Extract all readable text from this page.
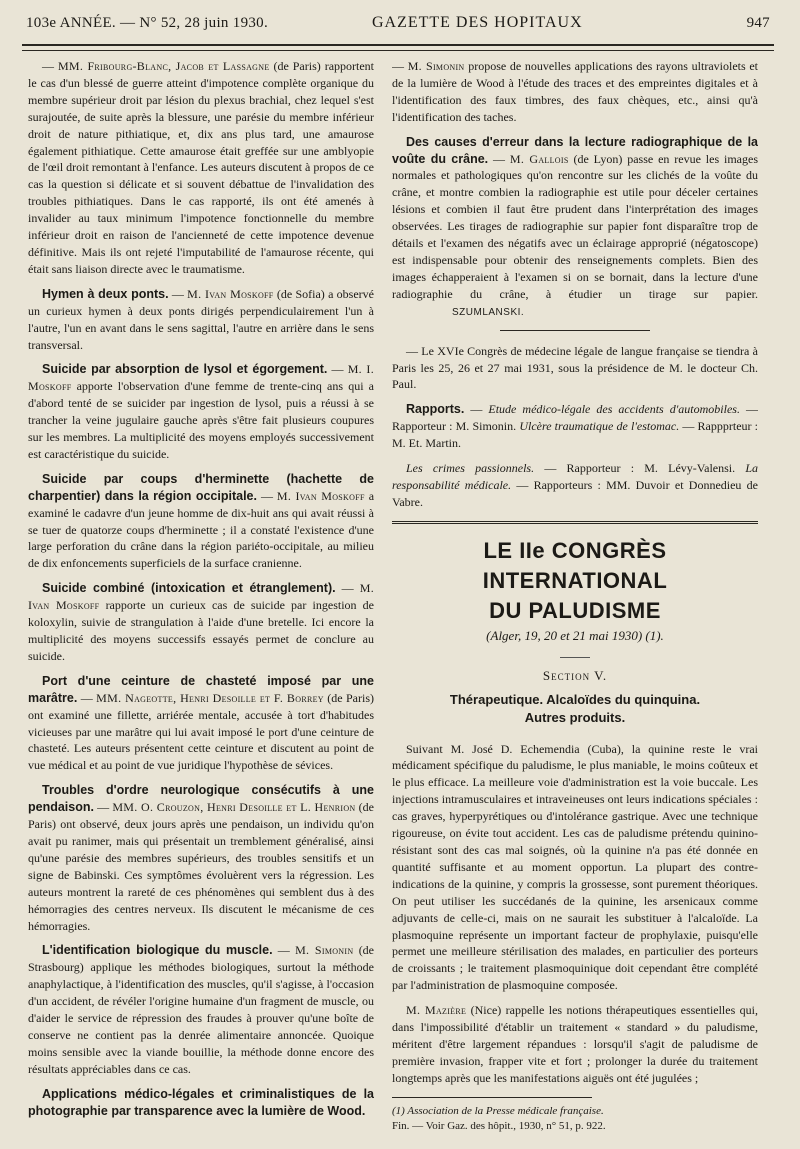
103e ANNÉE. — N° 52, 28 juin 1930.	GAZETTE DES HOPITAUX	947

— MM. Fribourg-Blanc, Jacob et Lassagne (de Paris) rapportent le cas d'un blessé de guerre atteint d'impotence complète organique du membre supérieur droit par lésion du plexus brachial, chez lequel s'est surajoutée, de suite après la blessure, une parésie du membre inférieur droit de nature pithiatique, et, dix ans plus tard, une amaurose également pithiatique. Cette amaurose était greffée sur une amblyopie de l'œil droit remontant à l'enfance. Les auteurs discutent à propos de ce cas la question si délicate et si souvent débattue de l'invalidation des troubles pithiatiques. Dans le cas rapporté, ils ont été amenés à invalider au taux minimum l'impotence fonctionnelle du membre inférieur droit en raison de l'ancienneté de cette impotence devenue définitive. Mais ils ont rejeté l'imputabilité de l'amaurose récente, qui était sans liaison directe avec le traumatisme.

Hymen à deux ponts. — M. Ivan Moskoff (de Sofia) a observé un curieux hymen à deux ponts dirigés perpendiculairement l'un à l'autre, l'un en avant dans le sens sagittal, l'autre en arrière dans le sens transversal.

Suicide par absorption de lysol et égorgement. — M. I. Moskoff apporte l'observation d'une femme de trente-cinq ans qui a d'abord tenté de se suicider par ingestion de lysol, puis a réussi à se trancher la veine jugulaire gauche après s'être fait plusieurs coupures sur les membres. La multiplicité des moyens employés successivement est caractéristique du suicide.

Suicide par coups d'herminette (hachette de charpentier) dans la région occipitale. — M. Ivan Moskoff a examiné le cadavre d'un jeune homme de dix-huit ans qui avait réussi à se tuer de quatorze coups d'herminette ; il a constaté l'existence d'une large perforation du crâne dans la région pariéto-occipitale, au milieu de dix enfoncements superficiels de la surface cranienne.

Suicide combiné (intoxication et étranglement). — M. Ivan Moskoff rapporte un curieux cas de suicide par ingestion de koloxylin, suivie de strangulation à l'aide d'une bretelle. Ici encore la multiplicité des moyens successifs essayés permet de conclure au suicide.

Port d'une ceinture de chasteté imposé par une marâtre. — MM. Nageotte, Henri Desoille et F. Borrey (de Paris) ont examiné une fillette, arriérée mentale, accusée à tort d'habitudes vicieuses par une marâtre qui lui avait imposé le port d'une ceinture de chasteté. Les auteurs présentent cette ceinture et discutent au point de vue médical et au point de vue juridique l'hypothèse de sévices.

Troubles d'ordre neurologique consécutifs à une pendaison. — MM. O. Crouzon, Henri Desoille et L. Henrion (de Paris) ont observé, deux jours après une pendaison, un individu qu'on avait pu ranimer, mais qui présentait un tremblement généralisé, ainsi qu'une parésie des membres supérieurs, des troubles sensitifs et un signe de Babinski. Ces symptômes évoluèrent vers la régression. Les auteurs montrent la rareté de ces phénomènes qui semblent dus à des hémorragies des centres nerveux. Ils discutent le mécanisme de ces hémorragies.

L'identification biologique du muscle. — M. Simonin (de Strasbourg) applique les méthodes biologiques, surtout la méthode anaphylactique, à l'identification des muscles, qu'il s'agisse, à l'occasion d'un accident, de révéler l'origine humaine d'un fragment de muscle, ou d'aider le service de répression des fraudes à prouver qu'une boîte de conserve ne contient pas la denrée alimentaire annoncée. Quoique moins sensible avec la viande bouillie, la méthode donne encore des résultats appréciables dans ce cas.

Applications médico-légales et criminalistiques de la photographie par transparence avec la lumière de Wood.

— M. Simonin propose de nouvelles applications des rayons ultraviolets et de la lumière de Wood à l'étude des traces et des empreintes digitales et à l'identification des faux timbres, des faux chèques, etc., ainsi qu'à l'identification des taches.

Des causes d'erreur dans la lecture radiographique de la voûte du crâne. — M. Gallois (de Lyon) passe en revue les images normales et pathologiques qu'on rencontre sur les clichés de la voûte du crâne, et montre combien la radiographie est utile pour déceler certaines lésions et combien il faut être prudent dans l'interprétation des images observées. Les tirages de radiographie sur papier font disparaître trop de détails et l'examen des négatifs avec un éclairage approprié (négatoscope) est indispensable pour obtenir des renseignements complets. Bien des images échapperaient à l'examen si on se bornait, dans la lecture d'une radiographie du crâne, à étudier un tirage sur papier. SZUMLANSKI.

— Le XVIe Congrès de médecine légale de langue française se tiendra à Paris les 25, 26 et 27 mai 1931, sous la présidence de M. le docteur Ch. Paul.

Rapports. — Etude médico-légale des accidents d'automobiles. — Rapporteur : M. Simonin. Ulcère traumatique de l'estomac. — Rappprteur : M. Et. Martin.

Les crimes passionnels. — Rapporteur : M. Lévy-Valensi. La responsabilité médicale. — Rapporteurs : MM. Duvoir et Donnedieu de Vabre.

LE IIe CONGRÈS INTERNATIONAL
DU PALUDISME
(Alger, 19, 20 et 21 mai 1930) (1).
Section V.
Thérapeutique. Alcaloïdes du quinquina.
Autres produits.

Suivant M. José D. Echemendia (Cuba), la quinine reste le vrai médicament spécifique du paludisme, le plus maniable, le moins coûteux et le plus efficace. La meilleure voie d'administration est la voie buccale. Les injections intramusculaires et intraveineuses ont leurs indications spéciales : cas graves, hyperpyrétiques ou d'intolérance gastrique. Avec une technique rigoureuse, on évite tout accident. Les cas de paludisme prétendu quinino-résistant sont des cas mal soignés, où la quinine n'a pas été donnée en quantité suffisante et au moment opportun. La plupart des contre-indications de la quinine, y compris la grossesse, sont purement théoriques. On peut utiliser les succédanés de la quinine, les arsenicaux comme adjuvants de celle-ci, mais on ne saurait les substituer à l'alcaloïde. La plasmoquine représente un important facteur de prophylaxie, puisqu'elle permet une meilleure stérilisation des malades, en particulier des porteurs de croissants ; le traitement plasmoquinique doit cependant être complété par l'administration de plasmoquine composée.

M. Mazière (Nice) rappelle les notions thérapeutiques essentielles qui, dans l'impossibilité d'établir un traitement « standard » du paludisme, méritent d'être largement répandues : lorsqu'il s'agit de paludisme de première invasion, frapper vite et fort ; prolonger la durée du traitement longtemps après que les manifestations aiguës ont été jugulées ;

(1) Association de la Presse médicale française.

Fin. — Voir Gaz. des hôpit., 1930, n° 51, p. 922.
